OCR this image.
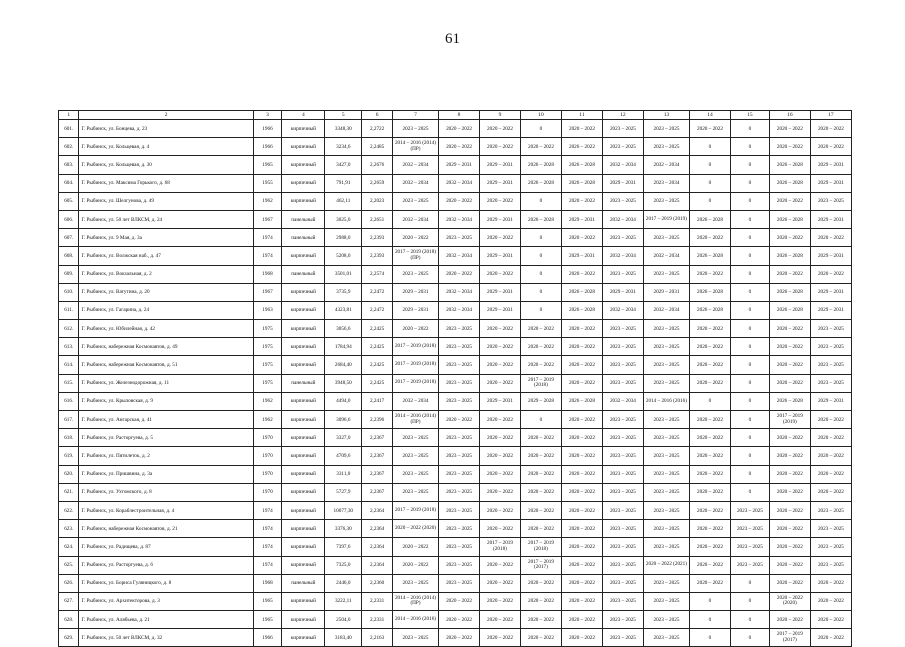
61
1	2	3	4	5	6	7	8	9	10	11	12	13	14	15	16	17
601.	Г. Рыбинск, ул. Бонцева, д. 23	1966	кирпичный	3348,30	2,2722	2023 – 2025	2020 – 2022	2020 – 2022	0	2020 – 2022	2023 – 2025	2023 – 2025	2020 – 2022	0	2020 – 2022	2020 – 2022
602.	Г. Рыбинск, ул. Кольцевая, д. 4	1966	кирпичный	3234,6	2,2485	2014 – 2016 (2014) (ПР)	2020 – 2022	2020 – 2022	2020 – 2022	2026 – 2022	2023 – 2025	2023 – 2025	0	0	2020 – 2022	2020 – 2022
603.	Г. Рыбинск, ул. Кольцевая, д. 30	1965	кирпичный	3427,0	2,2676	2032 – 2034	2029 – 2031	2029 – 2031	2026 – 2028	2026 – 2028	2032 – 2034	2032 – 2034	0	0	2026 – 2028	2029 – 2031
604.	Г. Рыбинск, ул. Максима Горького, д. 68	1955	кирпичный	791,91	2,2659	2032 – 2034	2032 – 2034	2029 – 2031	2026 – 2028	2026 – 2028	2029 – 2031	2023 – 2034	0	0	2026 – 2028	2029 – 2031
605.	Г. Рыбинск, ул. Шелгунова, д. 49	1962	кирпичный	462,11	2,2023	2023 – 2025	2020 – 2022	2020 – 2022	0	2020 – 2022	2023 – 2025	2023 – 2025	0	0	2020 – 2022	2023 – 2025
606.	Г. Рыбинск, ул. 50 лет ВЛКСМ, д. 24	1967	панельный	3025,0	2,2651	2032 – 2034	2032 – 2034	2029 – 2031	2026 – 2028	2029 – 2031	2032 – 2034	2017 – 2019 (2019)	2026 – 2028	0	2026 – 2028	2029 – 2031
607.	Г. Рыбинск, ул. 9 Мая, д. 3а	1974	панельный	2988,0	2,2393	2020 – 2022	2023 – 2025	2020 – 2022	0	2020 – 2022	2023 – 2025	2023 – 2025	2020 – 2022	0	2020 – 2022	2020 – 2022
608.	Г. Рыбинск, ул. Волжская наб., д. 47	1974	кирпичный	5208,0	2,2393	2017 – 2019 (2018) (ПР)	2032 – 2034	2029 – 2031	0	2029 – 2031	2032 – 2034	2032 – 2034	2026 – 2028	0	2026 – 2028	2029 – 2031
609.	Г. Рыбинск, ул. Вокзальная, д. 2	1968	панельный	3501,01	2,2574	2023 – 2025	2020 – 2022	2020 – 2022	0	2020 – 2022	2023 – 2025	2023 – 2025	2020 – 2022	0	2020 – 2022	2020 – 2022
610.	Г. Рыбинск, ул. Ватутина, д. 20	1967	кирпичный	3735,9	2,2472	2029 – 2031	2032 – 2034	2029 – 2031	0	2026 – 2028	2029 – 2031	2029 – 2031	2026 – 2028	0	2026 – 2028	2029 – 2031
611.	Г. Рыбинск, ул. Гагарина, д. 24	1963	кирпичный	4323,81	2,2472	2029 – 2031	2032 – 2034	2029 – 2031	0	2026 – 2028	2032 – 2034	2032 – 2034	2026 – 2028	0	2026 – 2028	2029 – 2031
612.	Г. Рыбинск, ул. Юбилейная, д. 42	1975	кирпичный	3056,6	2,2425	2020 – 2022	2023 – 2025	2020 – 2022	2020 – 2022	2020 – 2022	2023 – 2025	2023 – 2025	2020 – 2022	0	2020 – 2022	2023 – 2025
613.	Г. Рыбинск, набережная Космонавтов, д. 49	1975	кирпичный	1784,94	2,2425	2017 – 2019 (2018)	2023 – 2025	2020 – 2022	2020 – 2022	2020 – 2022	2023 – 2025	2023 – 2025	2020 – 2022	0	2020 – 2022	2023 – 2025
614.	Г. Рыбинск, набережная Космонавтов, д. 51	1975	кирпичный	2684,40	2,2425	2017 – 2019 (2018)	2023 – 2025	2020 – 2022	2020 – 2022	2020 – 2022	2023 – 2025	2023 – 2025	2020 – 2022	0	2020 – 2022	2023 – 2025
615.	Г. Рыбинск, ул. Железнодорожная, д. 11	1975	панельный	3948,50	2,2425	2017 – 2019 (2018)	2023 – 2025	2020 – 2022	2017 – 2019 (2018)	2020 – 2022	2023 – 2025	2023 – 2025	2020 – 2022	0	2020 – 2022	2023 – 2025
616.	Г. Рыбинск, ул. Крыловская, д. 9	1962	кирпичный	4494,0	2,2417	2032 – 2034	2023 – 2025	2029 – 2031	2029 – 2028	2026 – 2028	2032 – 2034	2014 – 2016 (2016)	0	0	2026 – 2028	2029 – 2031
617.	Г. Рыбинск, ул. Ангарская, д. 41	1962	кирпичный	3096,6	2,2396	2014 – 2016 (2014) (ПР)	2020 – 2022	2020 – 2022	0	2020 – 2022	2023 – 2025	2023 – 2025	2020 – 2022	0	2017 – 2019 (2019)	2020 – 2022
618.	Г. Рыбинск, ул. Расторгуева, д. 5	1970	кирпичный	3327,0	2,2367	2023 – 2025	2023 – 2025	2020 – 2022	2020 – 2022	2020 – 2022	2023 – 2025	2023 – 2025	2020 – 2022	0	2020 – 2022	2020 – 2022
619.	Г. Рыбинск, ул. Пятилеток, д. 2	1970	кирпичный	4709,6	2,2367	2023 – 2025	2023 – 2025	2020 – 2022	2020 – 2022	2020 – 2022	2023 – 2025	2023 – 2025	2020 – 2022	0	2020 – 2022	2020 – 2022
620.	Г. Рыбинск, ул. Пришвина, д. 3а	1970	кирпичный	3311,0	2,2367	2023 – 2025	2023 – 2025	2020 – 2022	2020 – 2022	2020 – 2022	2023 – 2025	2023 – 2025	2020 – 2022	0	2020 – 2022	2020 – 2022
621.	Г. Рыбинск, ул. Ухтомского, д. 8	1970	кирпичный	5727,9	2,2367	2023 – 2025	2023 – 2025	2020 – 2022	2020 – 2022	2020 – 2022	2023 – 2025	2023 – 2025	2020 – 2022	0	2020 – 2022	2020 – 2022
622.	Г. Рыбинск, ул. Кораблестроительная, д. 4	1974	кирпичный	10077,30	2,2364	2017 – 2019 (2018)	2023 – 2025	2020 – 2022	2020 – 2022	2020 – 2022	2023 – 2025	2023 – 2025	2020 – 2022	2023 – 2025	2020 – 2022	2023 – 2025
623.	Г. Рыбинск, набережная Космонавтов, д. 21	1974	кирпичный	3376,30	2,2364	2020 – 2022 (2020)	2023 – 2025	2020 – 2022	2020 – 2022	2020 – 2022	2023 – 2025	2023 – 2025	2020 – 2022	2023 – 2025	2020 – 2022	2023 – 2025
624.	Г. Рыбинск, ул. Радищева, д. 87	1974	кирпичный	7397,6	2,2364	2020 – 2022	2023 – 2025	2017 – 2019 (2018)	2017 – 2019 (2018)	2020 – 2022	2023 – 2025	2023 – 2025	2020 – 2022	2023 – 2025	2020 – 2022	2023 – 2025
625.	Г. Рыбинск, ул. Расторгуева, д. 6	1974	кирпичный	7325,0	2,2364	2020 – 2022	2023 – 2025	2020 – 2022	2017 – 2019 (2017)	2020 – 2022	2023 – 2025	2020 – 2022 (2021)	2020 – 2022	2023 – 2025	2020 – 2022	2023 – 2025
626.	Г. Рыбинск, ул. Бориса Гуляницкого, д. 8	1968	панельный	2446,0	2,2360	2023 – 2025	2023 – 2025	2020 – 2022	2020 – 2022	2020 – 2022	2023 – 2025	2023 – 2025	2020 – 2022	0	2020 – 2022	2020 – 2022
627.	Г. Рыбинск, ул. Архитекторова, д. 3	1965	кирпичный	3222,11	2,2331	2014 – 2016 (2014) (ПР)	2020 – 2022	2020 – 2022	2020 – 2022	2020 – 2022	2023 – 2025	2023 – 2025	0	0	2020 – 2022 (2020)	2020 – 2022
628.	Г. Рыбинск, ул. Алябьева, д. 21	1965	кирпичный	2504,0	2,2331	2014 – 2016 (2016)	2020 – 2022	2020 – 2022	2020 – 2022	2020 – 2022	2023 – 2025	2023 – 2025	0	0	2020 – 2022	2020 – 2022
629.	Г. Рыбинск, ул. 50 лет ВЛКСМ, д. 32	1966	кирпичный	3183,40	2,2163	2023 – 2025	2020 – 2022	2020 – 2022	2020 – 2022	2020 – 2022	2023 – 2025	2023 – 2025	0	0	2017 – 2019 (2017)	2020 – 2022
